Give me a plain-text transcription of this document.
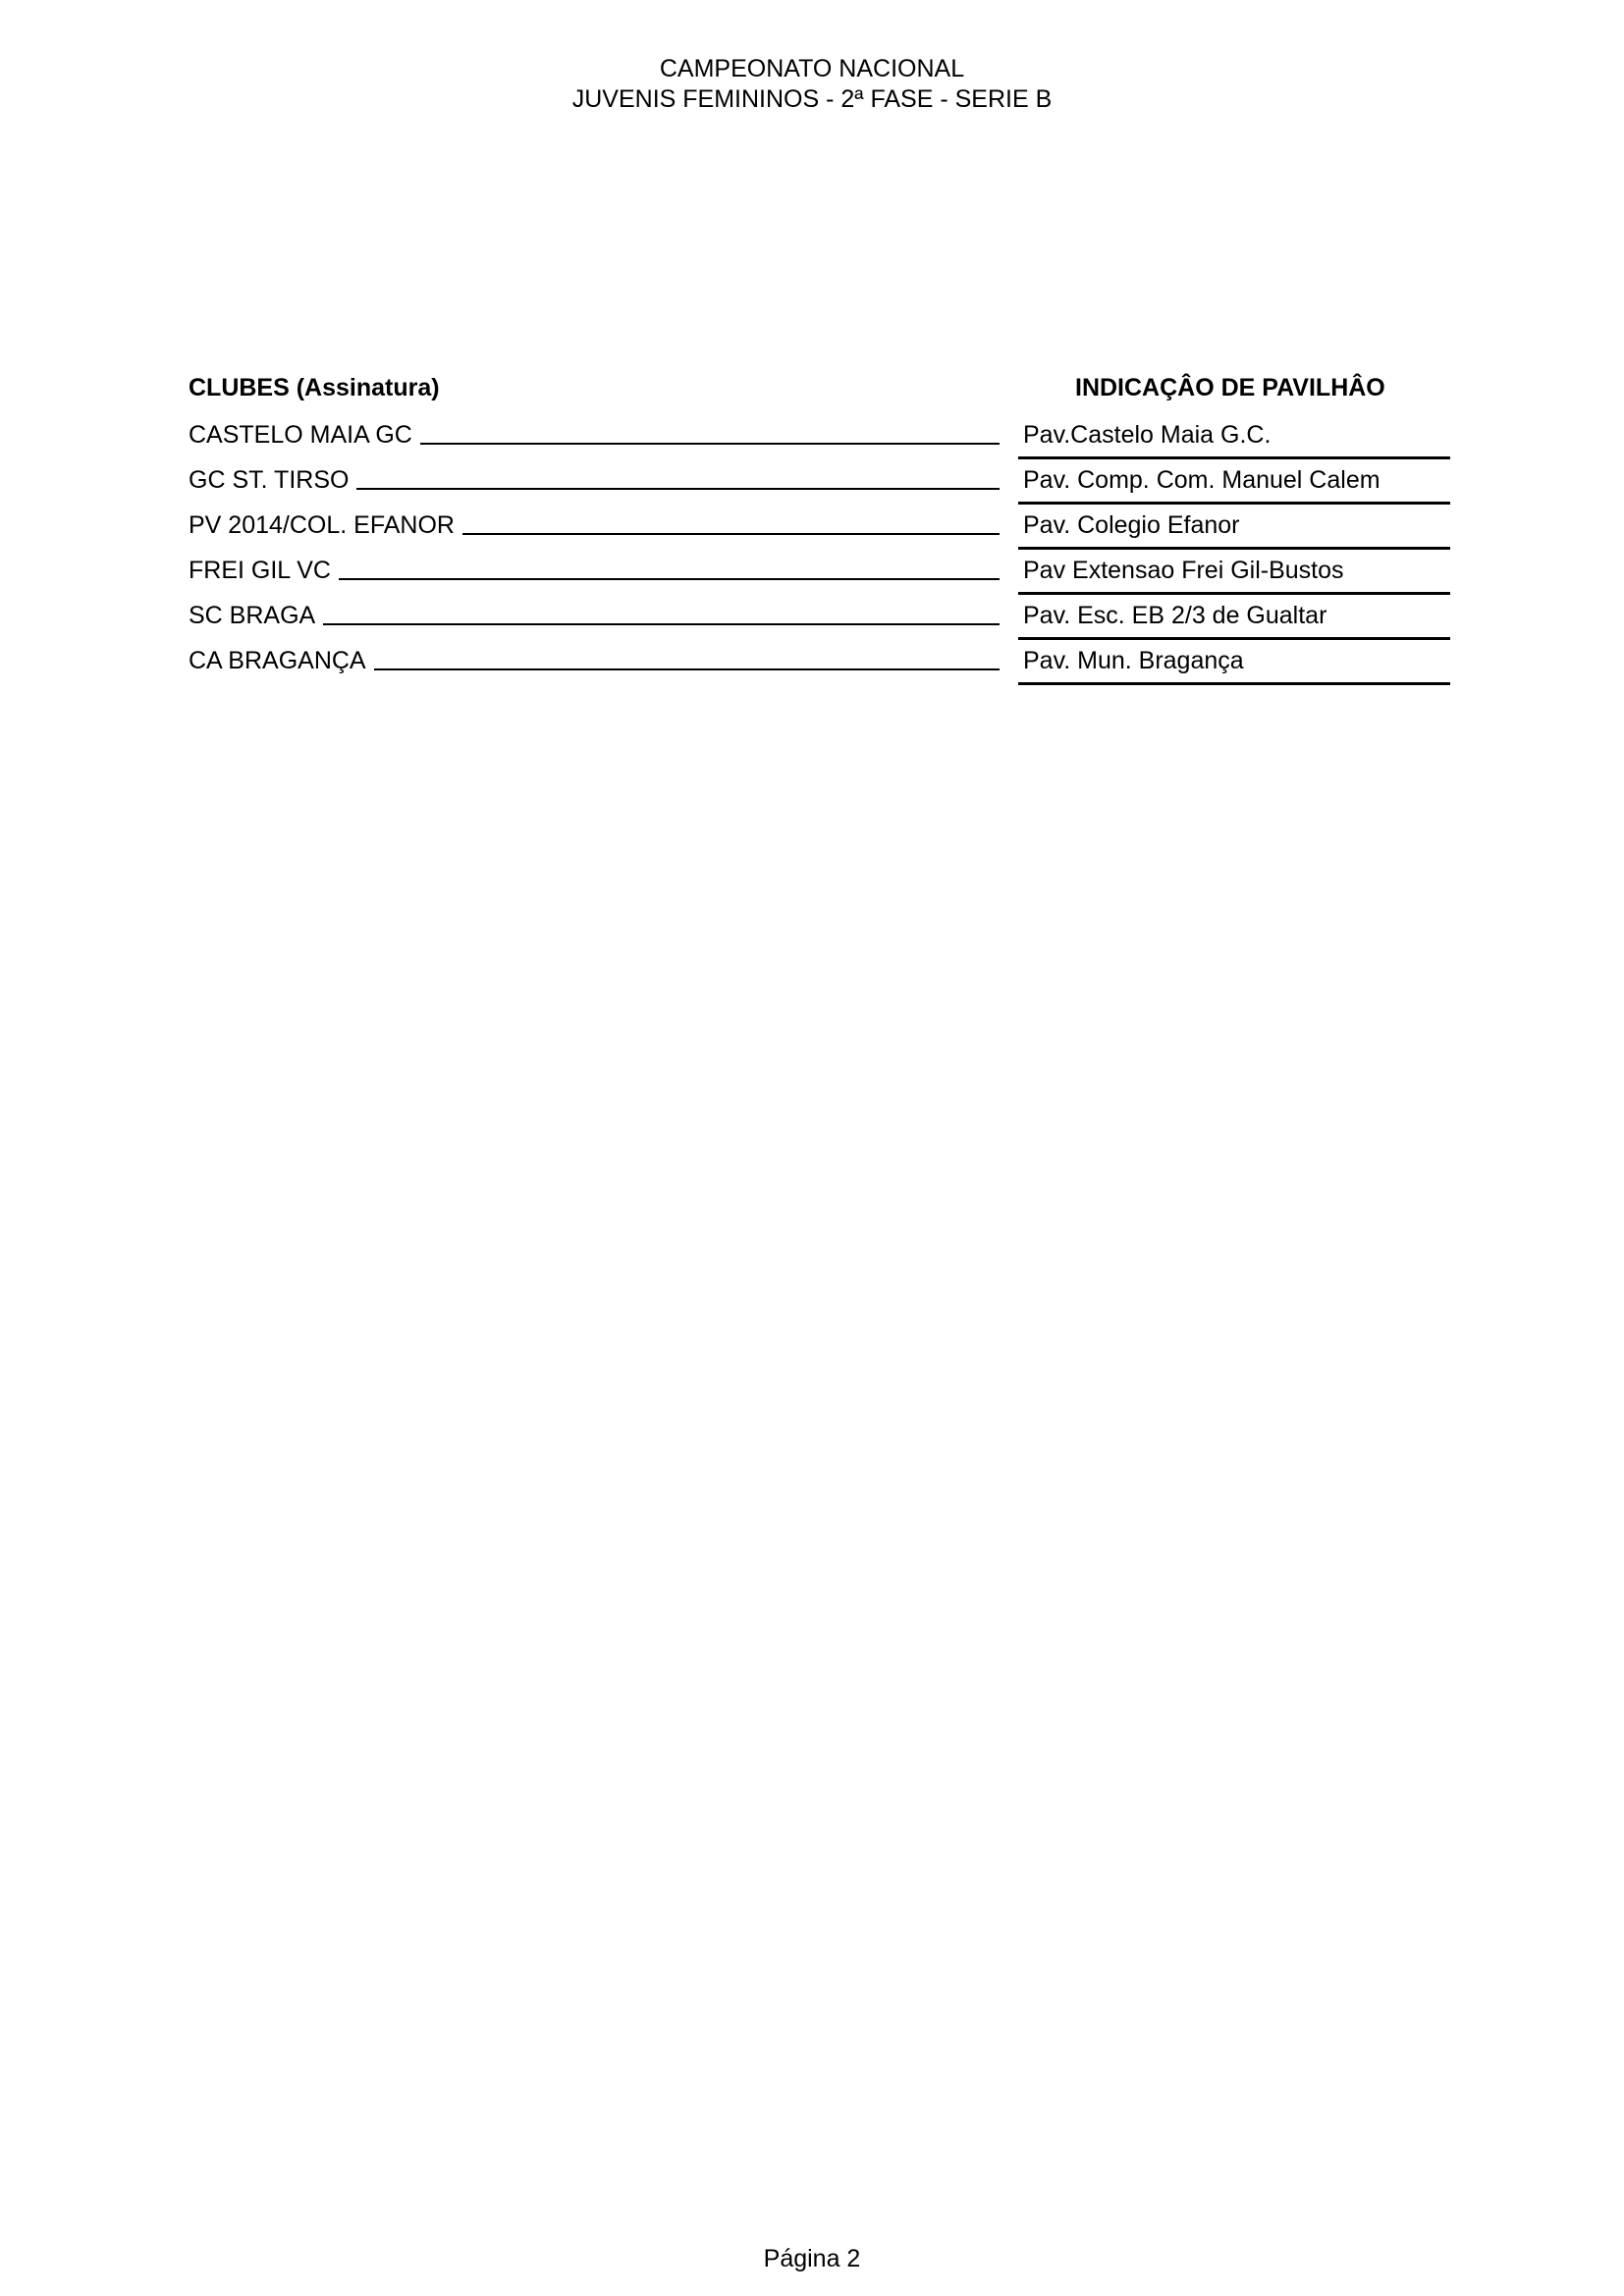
CAMPEONATO NACIONAL
JUVENIS FEMININOS - 2ª FASE - SERIE B
CLUBES (Assinatura)	INDICAÇÂO DE PAVILHÂO
CASTELO MAIA GC	Pav.Castelo Maia G.C.
GC ST. TIRSO	Pav. Comp. Com. Manuel Calem
PV 2014/COL. EFANOR	Pav. Colegio Efanor
FREI GIL VC	Pav Extensao Frei Gil-Bustos
SC BRAGA	Pav. Esc. EB 2/3 de Gualtar
CA BRAGANÇA	Pav. Mun. Bragança
Página 2
